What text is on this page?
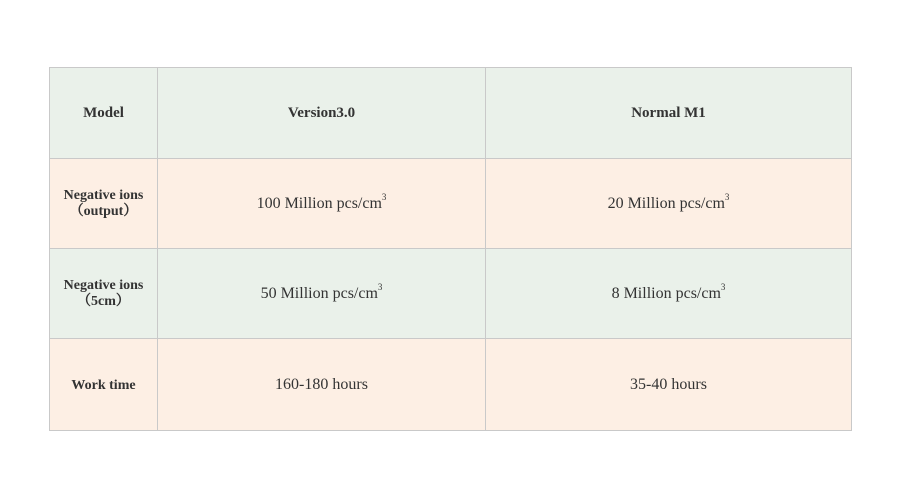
Model	Version3.0	Normal M1

Negative ions
（output）	100 Million pcs/$cm^3$	20 Million pcs/$cm^3$

Negative ions
（5cm）	50 Million pcs/$cm^3$	8 Million pcs/$cm^3$
Work time	160-180 hours	35-40 hours
